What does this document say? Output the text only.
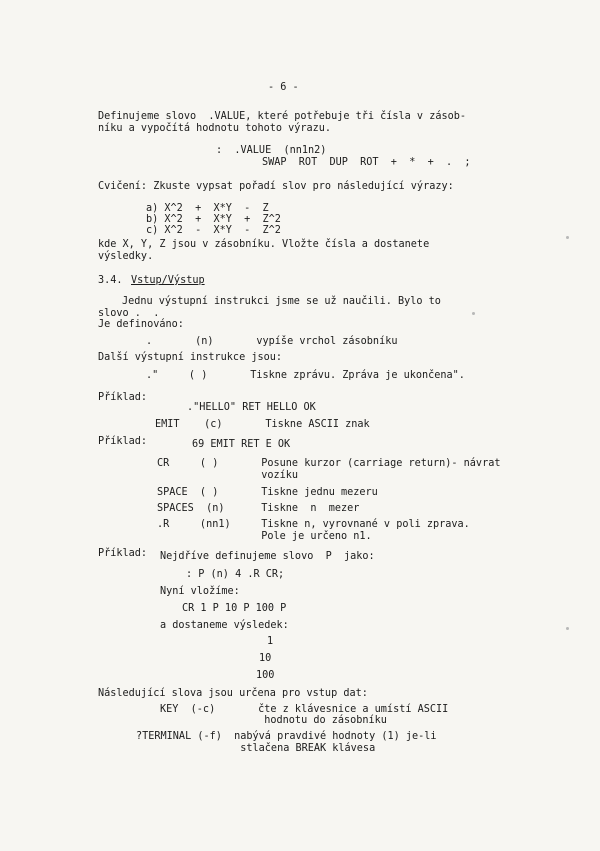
- 6 -
Definujeme slovo  .VALUE, které potřebuje tři čísla v zásob-
níku a vypočítá hodnotu tohoto výrazu.
:  .VALUE  (nn1n2)
SWAP  ROT  DUP  ROT  +  *  +  .  ;
Cvičení: Zkuste vypsat pořadí slov pro následující výrazy:
a) X^2  +  X*Y  -  Z
b) X^2  +  X*Y  +  Z^2
c) X^2  -  X*Y  -  Z^2
kde X, Y, Z jsou v zásobníku. Vložte čísla a dostanete
výsledky.
3.4. Vstup/Výstup
Jednu výstupní instrukci jsme se už naučili. Bylo to
slovo .  .
Je definováno:
.       (n)       vypíše vrchol zásobníku
Další výstupní instrukce jsou:
."     ( )       Tiskne zprávu. Zpráva je ukončena".
Příklad:
."HELLO" RET HELLO OK
EMIT    (c)       Tiskne ASCII znak
Příklad:	69 EMIT RET E OK
CR     ( )       Posune kurzor (carriage return)- návrat
vozíku
SPACE  ( )       Tiskne jednu mezeru
SPACES  (n)      Tiskne  n  mezer
.R     (nn1)     Tiskne n, vyrovnané v poli zprava.
Pole je určeno n1.
Příklad: Nejdříve definujeme slovo  P  jako:
: P (n) 4 .R CR;
Nyní vložíme:
CR 1 P 10 P 100 P
a dostaneme výsledek:
1
10
100
Následující slova jsou určena pro vstup dat:
KEY  (-c)       čte z klávesnice a umístí ASCII
hodnotu do zásobníku
?TERMINAL (-f)  nabývá pravdivé hodnoty (1) je-li
stlačena BREAK klávesa
